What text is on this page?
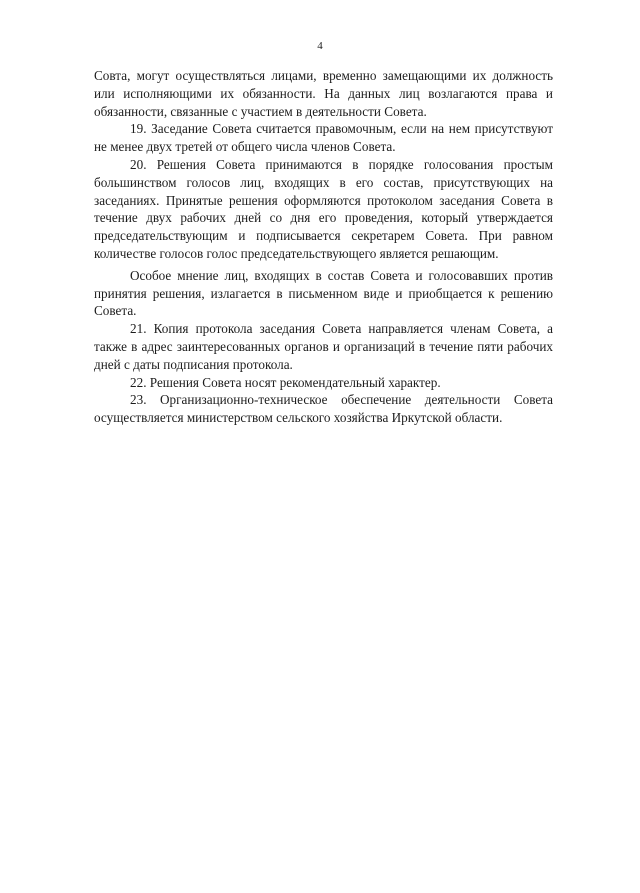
4

Совта, могут осуществляться лицами, временно замещающими их должность или исполняющими их обязанности. На данных лиц возлагаются права и обязанности, связанные с участием в деятельности Совета.

19. Заседание Совета считается правомочным, если на нем присутствуют не менее двух третей от общего числа членов Совета.

20. Решения Совета принимаются в порядке голосования простым большинством голосов лиц, входящих в его состав, присутствующих на заседаниях. Принятые решения оформляются протоколом заседания Совета в течение двух рабочих дней со дня его проведения, который утверждается председательствующим и подписывается секретарем Совета. При равном количестве голосов голос председательствующего является решающим.

Особое мнение лиц, входящих в состав Совета и голосовавших против принятия решения, излагается в письменном виде и приобщается к решению Совета.

21. Копия протокола заседания Совета направляется членам Совета, а также в адрес заинтересованных органов и организаций в течение пяти рабочих дней с даты подписания протокола.

22. Решения Совета носят рекомендательный характер.

23. Организационно-техническое обеспечение деятельности Совета осуществляется министерством сельского хозяйства Иркутской области.
